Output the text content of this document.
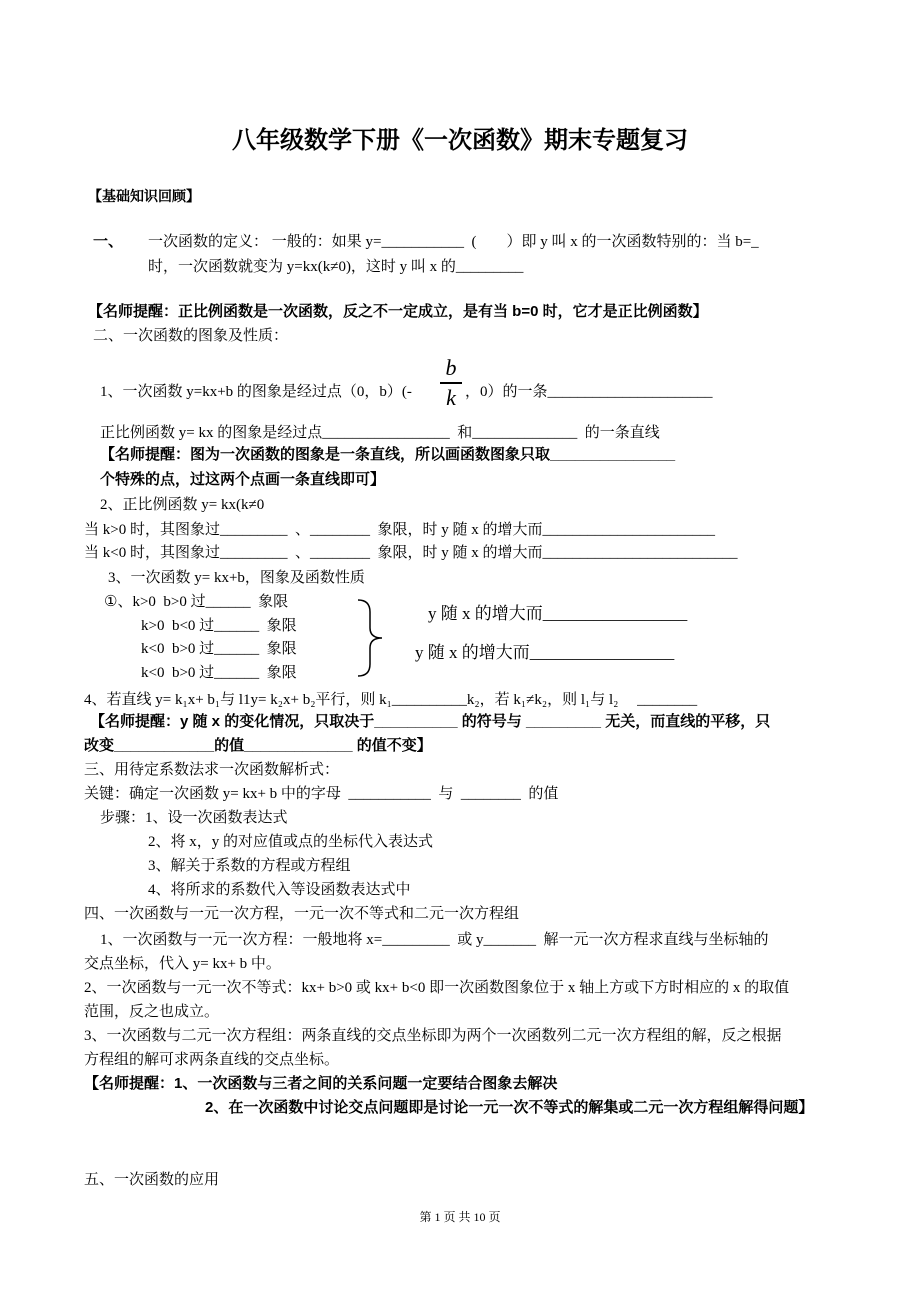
八年级数学下册《一次函数》期末专题复习
【基础知识回顾】
一、 一次函数的定义： 一般的：如果 y=___________  (        ）即 y 叫 x 的一次函数特别的：当 b=_
时，一次函数就变为 y=kx(k≠0)，这时 y 叫 x 的_________
【名师提醒：正比例函数是一次函数，反之不一定成立，是有当 b=0 时，它才是正比例函数】
二、一次函数的图象及性质：
1、一次函数 y=kx+b 的图象是经过点（0，b）(-
b
k ，0）的一条______________________
正比例函数 y= kx 的图象是经过点_________________  和______________  的一条直线
【名师提醒：图为一次函数的图象是一条直线，所以画函数图象只取_______________
个特殊的点，过这两个点画一条直线即可】
2、正比例函数 y= kx(k≠0
当 k>0 时，其图象过_________  、________  象限，时 y 随 x 的增大而_______________________
当 k<0 时，其图象过_________  、________  象限，时 y 随 x 的增大而__________________________
3、一次函数 y= kx+b，图象及函数性质
①、k>0  b>0 过______  象限
k>0  b<0 过______  象限
k<0  b>0 过______  象限
k<0  b>0 过______  象限
y 随 x 的增大而_________________
y 随 x 的增大而_________________
4、若直线 y= k₁x+ b₁与 l1y= k₂x+ b₂平行，则 k₁__________k₂，若 k₁≠k₂，则 l₁与 l₂     ________
【名师提醒：y 随 x 的变化情况，只取决于__________ 的符号与 _________ 无关，而直线的平移，只
改变____________的值_____________ 的值不变】
三、用待定系数法求一次函数解析式：
关键：确定一次函数 y= kx+ b 中的字母  ___________  与  ________  的值
步骤：1、设一次函数表达式
2、将 x，y 的对应值或点的坐标代入表达式
3、解关于系数的方程或方程组
4、将所求的系数代入等设函数表达式中
四、一次函数与一元一次方程，一元一次不等式和二元一次方程组
1、一次函数与一元一次方程：一般地将 x=_________  或 y_______  解一元一次方程求直线与坐标轴的
交点坐标，代入 y= kx+ b 中。
2、一次函数与一元一次不等式：kx+ b>0 或 kx+ b<0 即一次函数图象位于 x 轴上方或下方时相应的 x 的取值
范围，反之也成立。
3、一次函数与二元一次方程组：两条直线的交点坐标即为两个一次函数列二元一次方程组的解，反之根据
方程组的解可求两条直线的交点坐标。
【名师提醒：1、一次函数与三者之间的关系问题一定要结合图象去解决
2、在一次函数中讨论交点问题即是讨论一元一次不等式的解集或二元一次方程组解得问题】
五、一次函数的应用
第 1 页 共 10 页
